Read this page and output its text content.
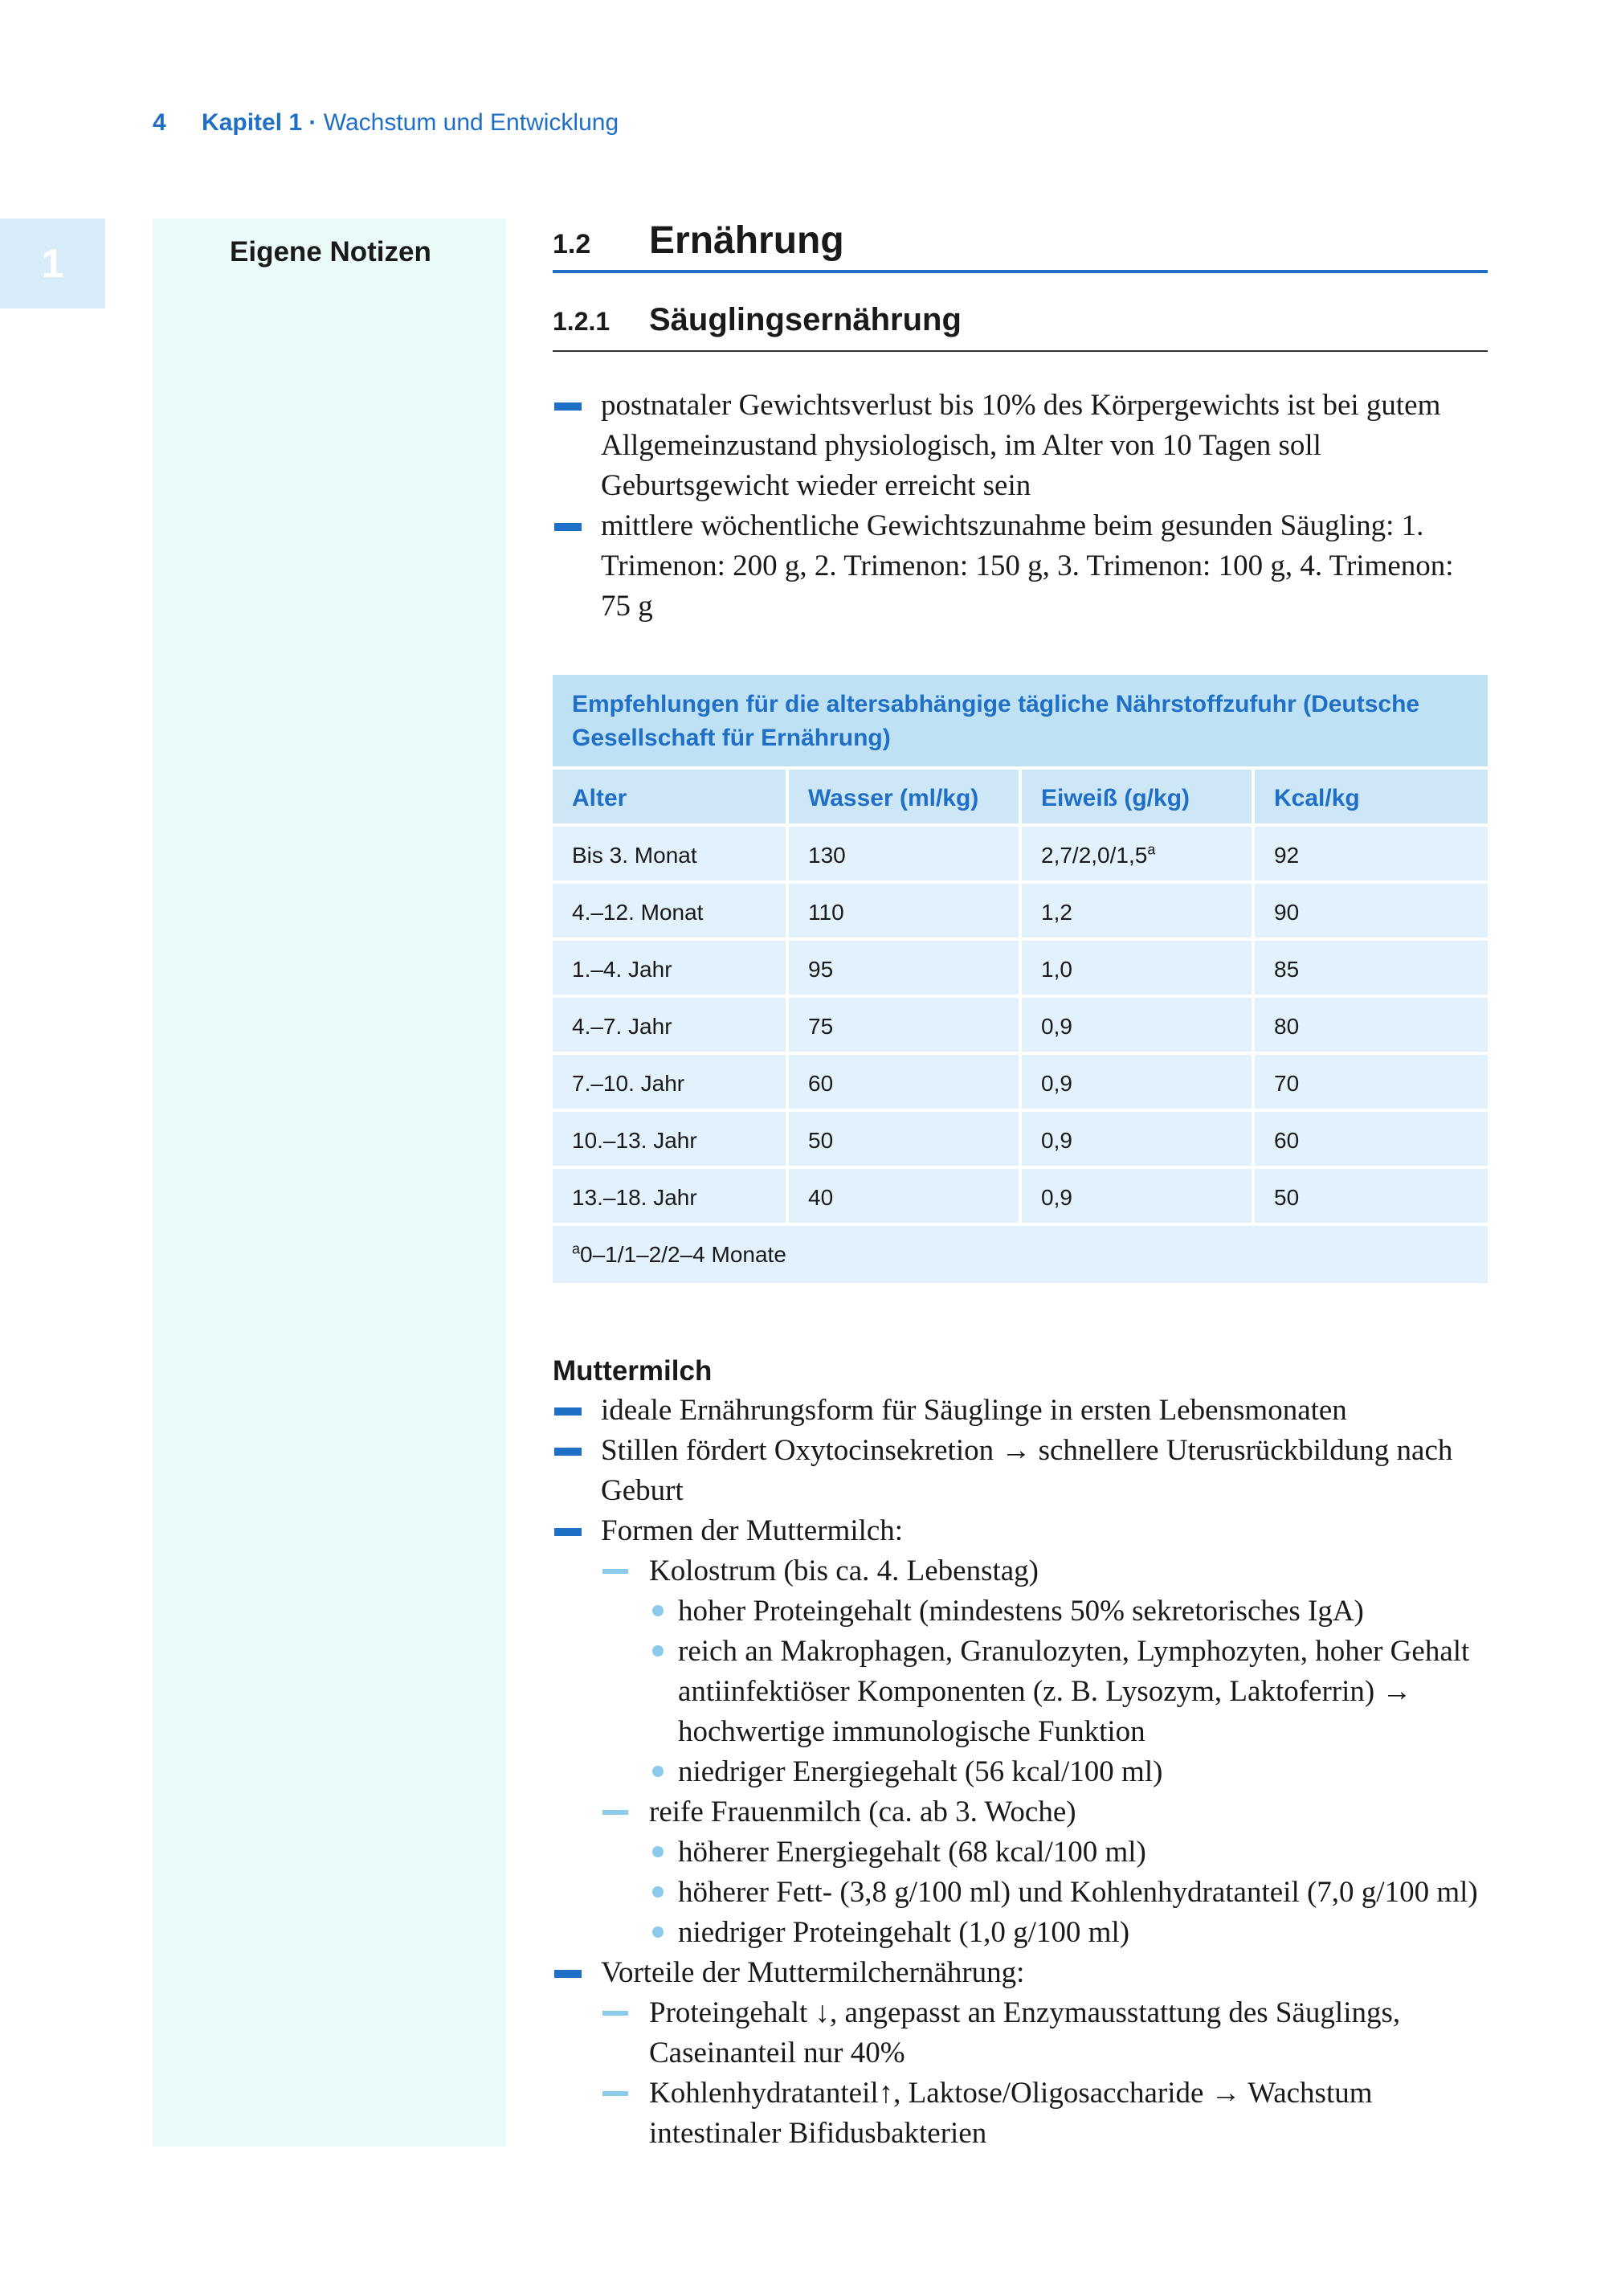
4 Kapitel 1 · Wachstum und Entwicklung
1	Eigene Notizen	1.2	Ernährung
1.2.1	Säuglingsernährung
postnataler Gewichtsverlust bis 10% des Körpergewichts ist bei gutem Allgemeinzustand physiologisch, im Alter von 10 Tagen soll Geburtsgewicht wieder erreicht sein
mittlere wöchentliche Gewichtszunahme beim gesunden Säugling: 1. Trimenon: 200 g, 2. Trimenon: 150 g, 3. Trimenon: 100 g, 4. Trimenon: 75 g
Empfehlungen für die altersabhängige tägliche Nährstoffzufuhr (Deutsche Gesellschaft für Ernährung)
Alter	Wasser (ml/kg)	Eiweiß (g/kg)	Kcal/kg
Bis 3. Monat	130	2,7/2,0/1,5$^a$	92
4.–12. Monat	110	1,2	90
1.–4. Jahr	95	1,0	85
4.–7. Jahr	75	0,9	80
7.–10. Jahr	60	0,9	70
10.–13. Jahr	50	0,9	60
13.–18. Jahr	40	0,9	50
$^a$0–1/1–2/2–4 Monate
Muttermilch
ideale Ernährungsform für Säuglinge in ersten Lebensmonaten
Stillen fördert Oxytocinsekretion → schnellere Uterusrückbildung nach Geburt
Formen der Muttermilch:
Kolostrum (bis ca. 4. Lebenstag)
hoher Proteingehalt (mindestens 50% sekretorisches IgA)
reich an Makrophagen, Granulozyten, Lymphozyten, hoher Gehalt antiinfektiöser Komponenten (z. B. Lysozym, Laktoferrin) → hochwertige immunologische Funktion
niedriger Energiegehalt (56 kcal/100 ml)
reife Frauenmilch (ca. ab 3. Woche)
höherer Energiegehalt (68 kcal/100 ml)
höherer Fett- (3,8 g/100 ml) und Kohlenhydratanteil (7,0 g/100 ml)
niedriger Proteingehalt (1,0 g/100 ml)
Vorteile der Muttermilchernährung:
Proteingehalt ↓, angepasst an Enzymausstattung des Säuglings, Caseinanteil nur 40%
Kohlenhydratanteil↑, Laktose/Oligosaccharide → Wachstum intestinaler Bifidusbakterien
